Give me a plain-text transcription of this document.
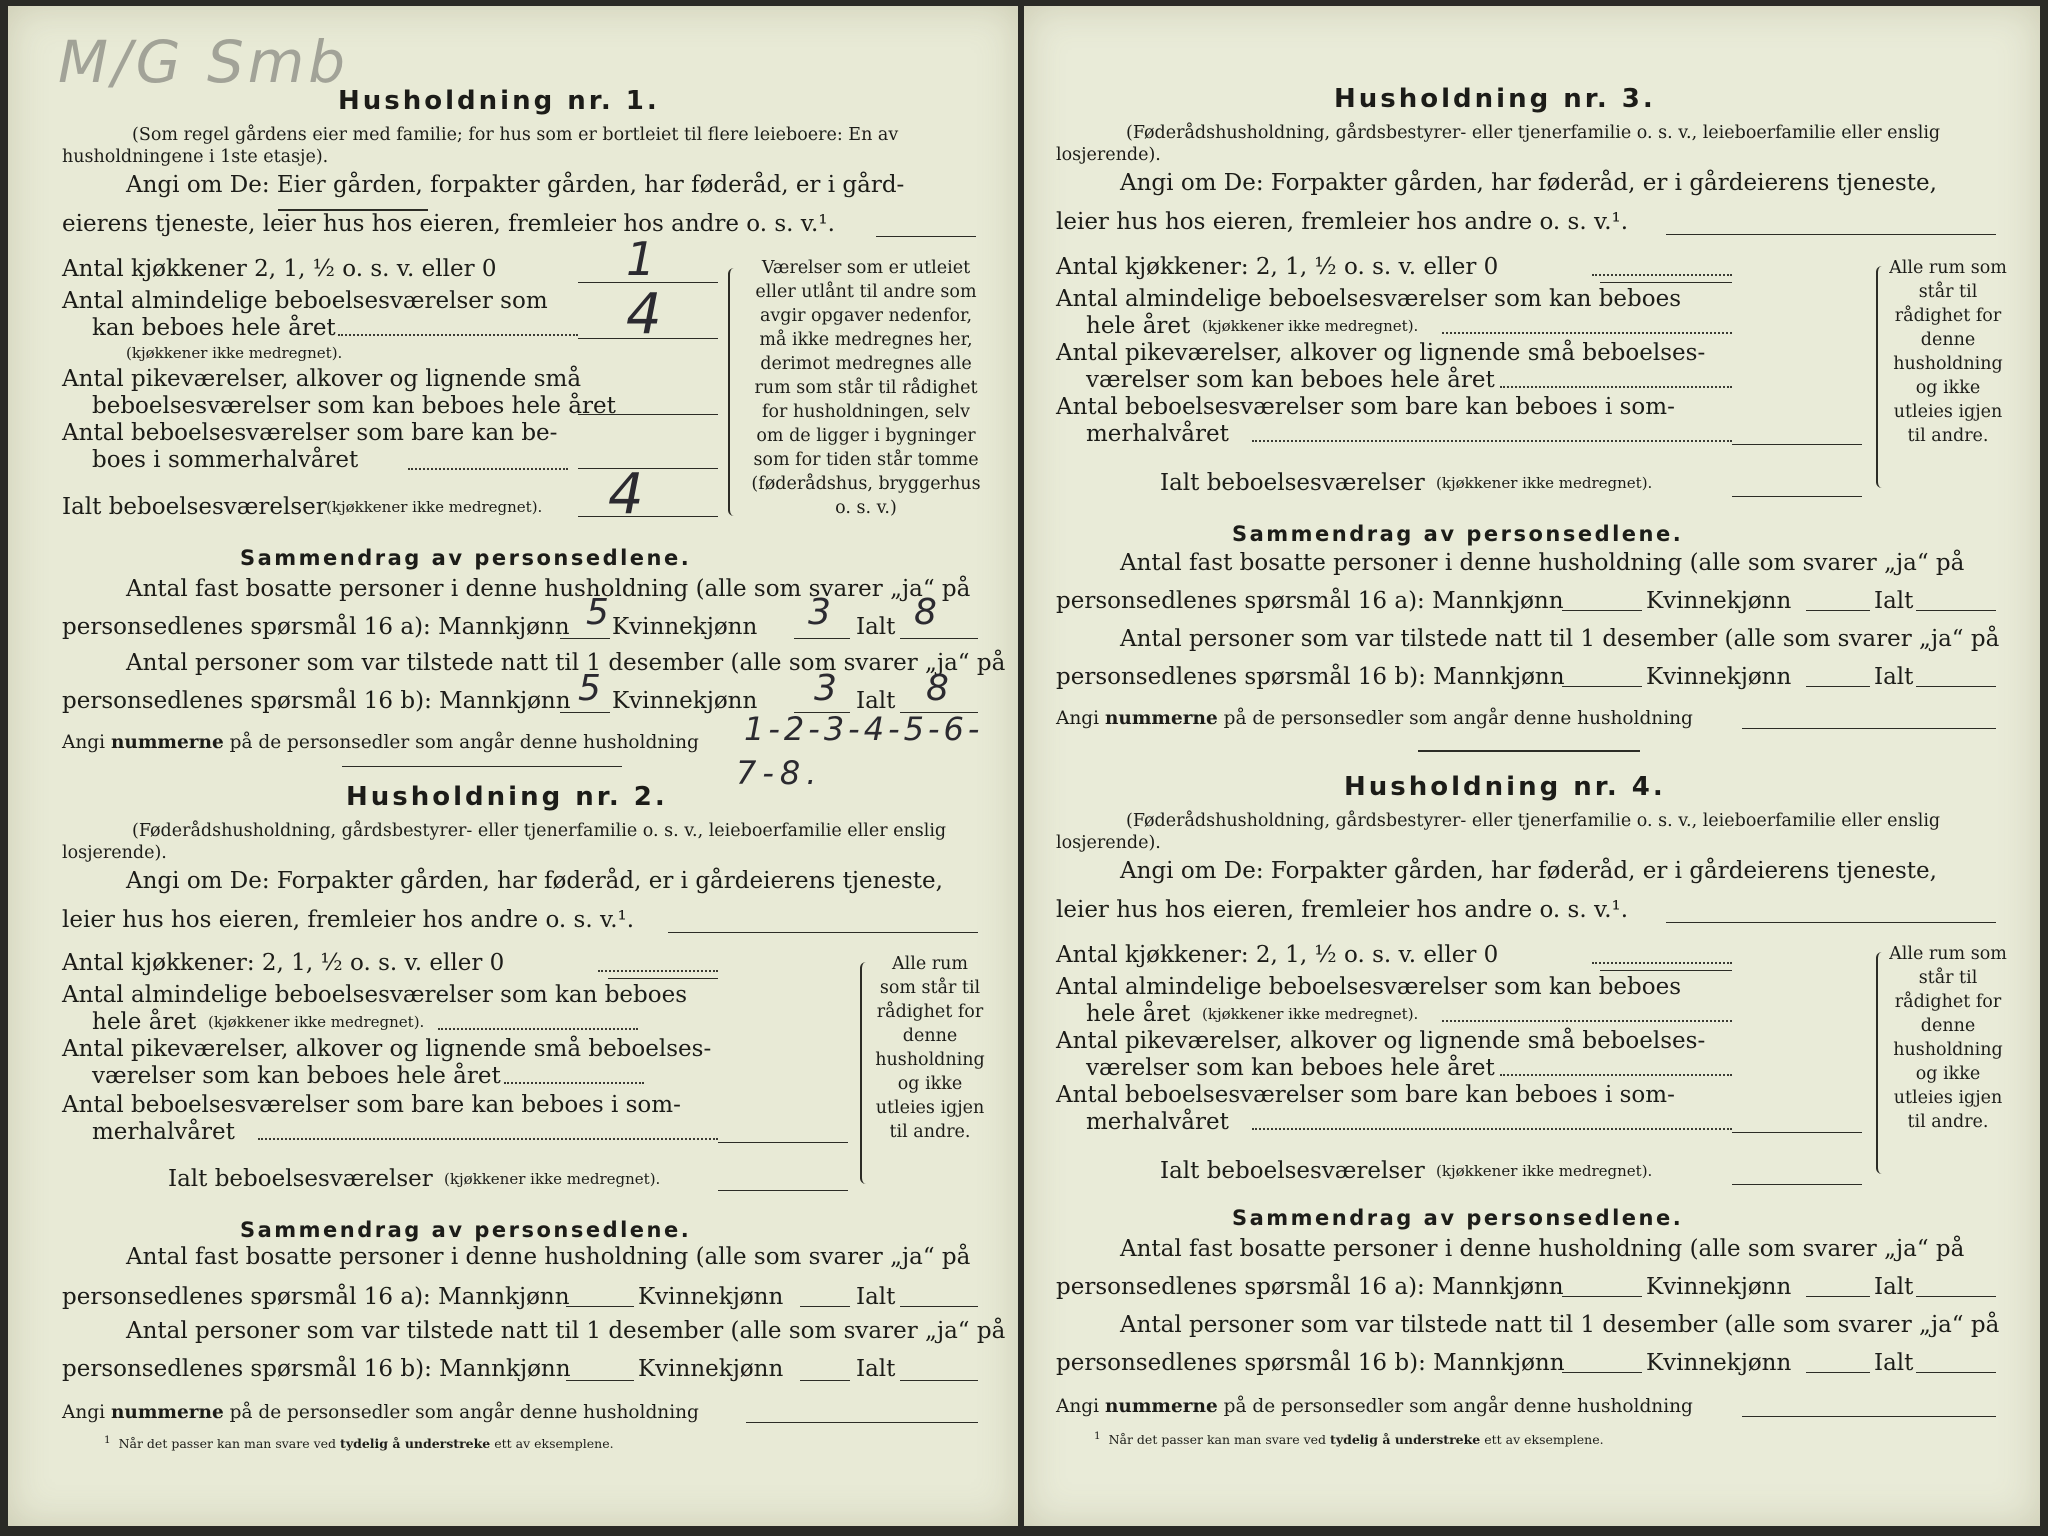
M/G Smb
Husholdning nr. 1.
(Som regel gårdens eier med familie; for hus som er bortleiet til flere leieboere: En av husholdningene i 1ste etasje).
Angi om De: Eier gården, forpakter gården, har føderåd, er i gård-
eierens tjeneste, leier hus hos eieren, fremleier hos andre o. s. v.¹.
Antal kjøkkener 2, 1, ½ o. s. v. eller 0	1
Antal almindelige beboelsesværelser som
kan beboes hele året
(kjøkkener ikke medregnet).
4
Antal pikeværelser, alkover og lignende små
beboelsesværelser som kan beboes hele året
Antal beboelsesværelser som bare kan be-
boes i sommerhalvåret
Ialt beboelsesværelser (kjøkkener ikke medregnet). 4
Værelser som er utleiet eller utlånt til andre som avgir opgaver nedenfor, må ikke medregnes her, derimot medregnes alle rum som står til rådighet for husholdningen, selv om de ligger i bygninger som for tiden står tomme (føderådshus, bryggerhus o. s. v.)
Sammendrag av personsedlene.
Antal fast bosatte personer i denne husholdning (alle som svarer „ja“ på
personsedlenes spørsmål 16 a): Mannkjønn 5 Kvinnekjønn 3 Ialt 8
Antal personer som var tilstede natt til 1 desember (alle som svarer „ja“ på
personsedlenes spørsmål 16 b): Mannkjønn 5 Kvinnekjønn 3 Ialt 8
Angi nummerne på de personsedler som angår denne husholdning 1-2-3-4-5-6-
7-8.
Husholdning nr. 2.
(Føderådshusholdning, gårdsbestyrer- eller tjenerfamilie o. s. v., leieboerfamilie eller enslig losjerende).
Angi om De: Forpakter gården, har føderåd, er i gårdeierens tjeneste,
leier hus hos eieren, fremleier hos andre o. s. v.¹.
Antal kjøkkener: 2, 1, ½ o. s. v. eller 0
Antal almindelige beboelsesværelser som kan beboes
hele året (kjøkkener ikke medregnet).
Antal pikeværelser, alkover og lignende små beboelses-
værelser som kan beboes hele året
Antal beboelsesværelser som bare kan beboes i som-
merhalvåret
Ialt beboelsesværelser (kjøkkener ikke medregnet).
Alle rum som står til rådighet for denne husholdning og ikke utleies igjen til andre.
Sammendrag av personsedlene.
Antal fast bosatte personer i denne husholdning (alle som svarer „ja“ på
personsedlenes spørsmål 16 a): Mannkjønn	Kvinnekjønn	Ialt
Antal personer som var tilstede natt til 1 desember (alle som svarer „ja“ på
personsedlenes spørsmål 16 b): Mannkjønn	Kvinnekjønn	Ialt
Angi nummerne på de personsedler som angår denne husholdning
$^1$ Når det passer kan man svare ved tydelig å understreke ett av eksemplene.
Husholdning nr. 3.
(Føderådshusholdning, gårdsbestyrer- eller tjenerfamilie o. s. v., leieboerfamilie eller enslig losjerende).
Angi om De: Forpakter gården, har føderåd, er i gårdeierens tjeneste,
leier hus hos eieren, fremleier hos andre o. s. v.¹.
Antal kjøkkener: 2, 1, ½ o. s. v. eller 0
Antal almindelige beboelsesværelser som kan beboes
hele året (kjøkkener ikke medregnet).
Antal pikeværelser, alkover og lignende små beboelses-
værelser som kan beboes hele året
Antal beboelsesværelser som bare kan beboes i som-
merhalvåret
Ialt beboelsesværelser (kjøkkener ikke medregnet).
Alle rum som står til rådighet for denne husholdning og ikke utleies igjen til andre.
Sammendrag av personsedlene.
Antal fast bosatte personer i denne husholdning (alle som svarer „ja“ på
personsedlenes spørsmål 16 a): Mannkjønn	Kvinnekjønn	Ialt
Antal personer som var tilstede natt til 1 desember (alle som svarer „ja“ på
personsedlenes spørsmål 16 b): Mannkjønn	Kvinnekjønn	Ialt
Angi nummerne på de personsedler som angår denne husholdning
Husholdning nr. 4.
(Føderådshusholdning, gårdsbestyrer- eller tjenerfamilie o. s. v., leieboerfamilie eller enslig losjerende).
Angi om De: Forpakter gården, har føderåd, er i gårdeierens tjeneste,
leier hus hos eieren, fremleier hos andre o. s. v.¹.
Antal kjøkkener: 2, 1, ½ o. s. v. eller 0
Antal almindelige beboelsesværelser som kan beboes
hele året (kjøkkener ikke medregnet).
Antal pikeværelser, alkover og lignende små beboelses-
værelser som kan beboes hele året
Antal beboelsesværelser som bare kan beboes i som-
merhalvåret
Ialt beboelsesværelser (kjøkkener ikke medregnet).
Alle rum som står til rådighet for denne husholdning og ikke utleies igjen til andre.
Sammendrag av personsedlene.
Antal fast bosatte personer i denne husholdning (alle som svarer „ja“ på
personsedlenes spørsmål 16 a): Mannkjønn	Kvinnekjønn	Ialt
Antal personer som var tilstede natt til 1 desember (alle som svarer „ja“ på
personsedlenes spørsmål 16 b): Mannkjønn	Kvinnekjønn	Ialt
Angi nummerne på de personsedler som angår denne husholdning
$^1$ Når det passer kan man svare ved tydelig å understreke ett av eksemplene.
